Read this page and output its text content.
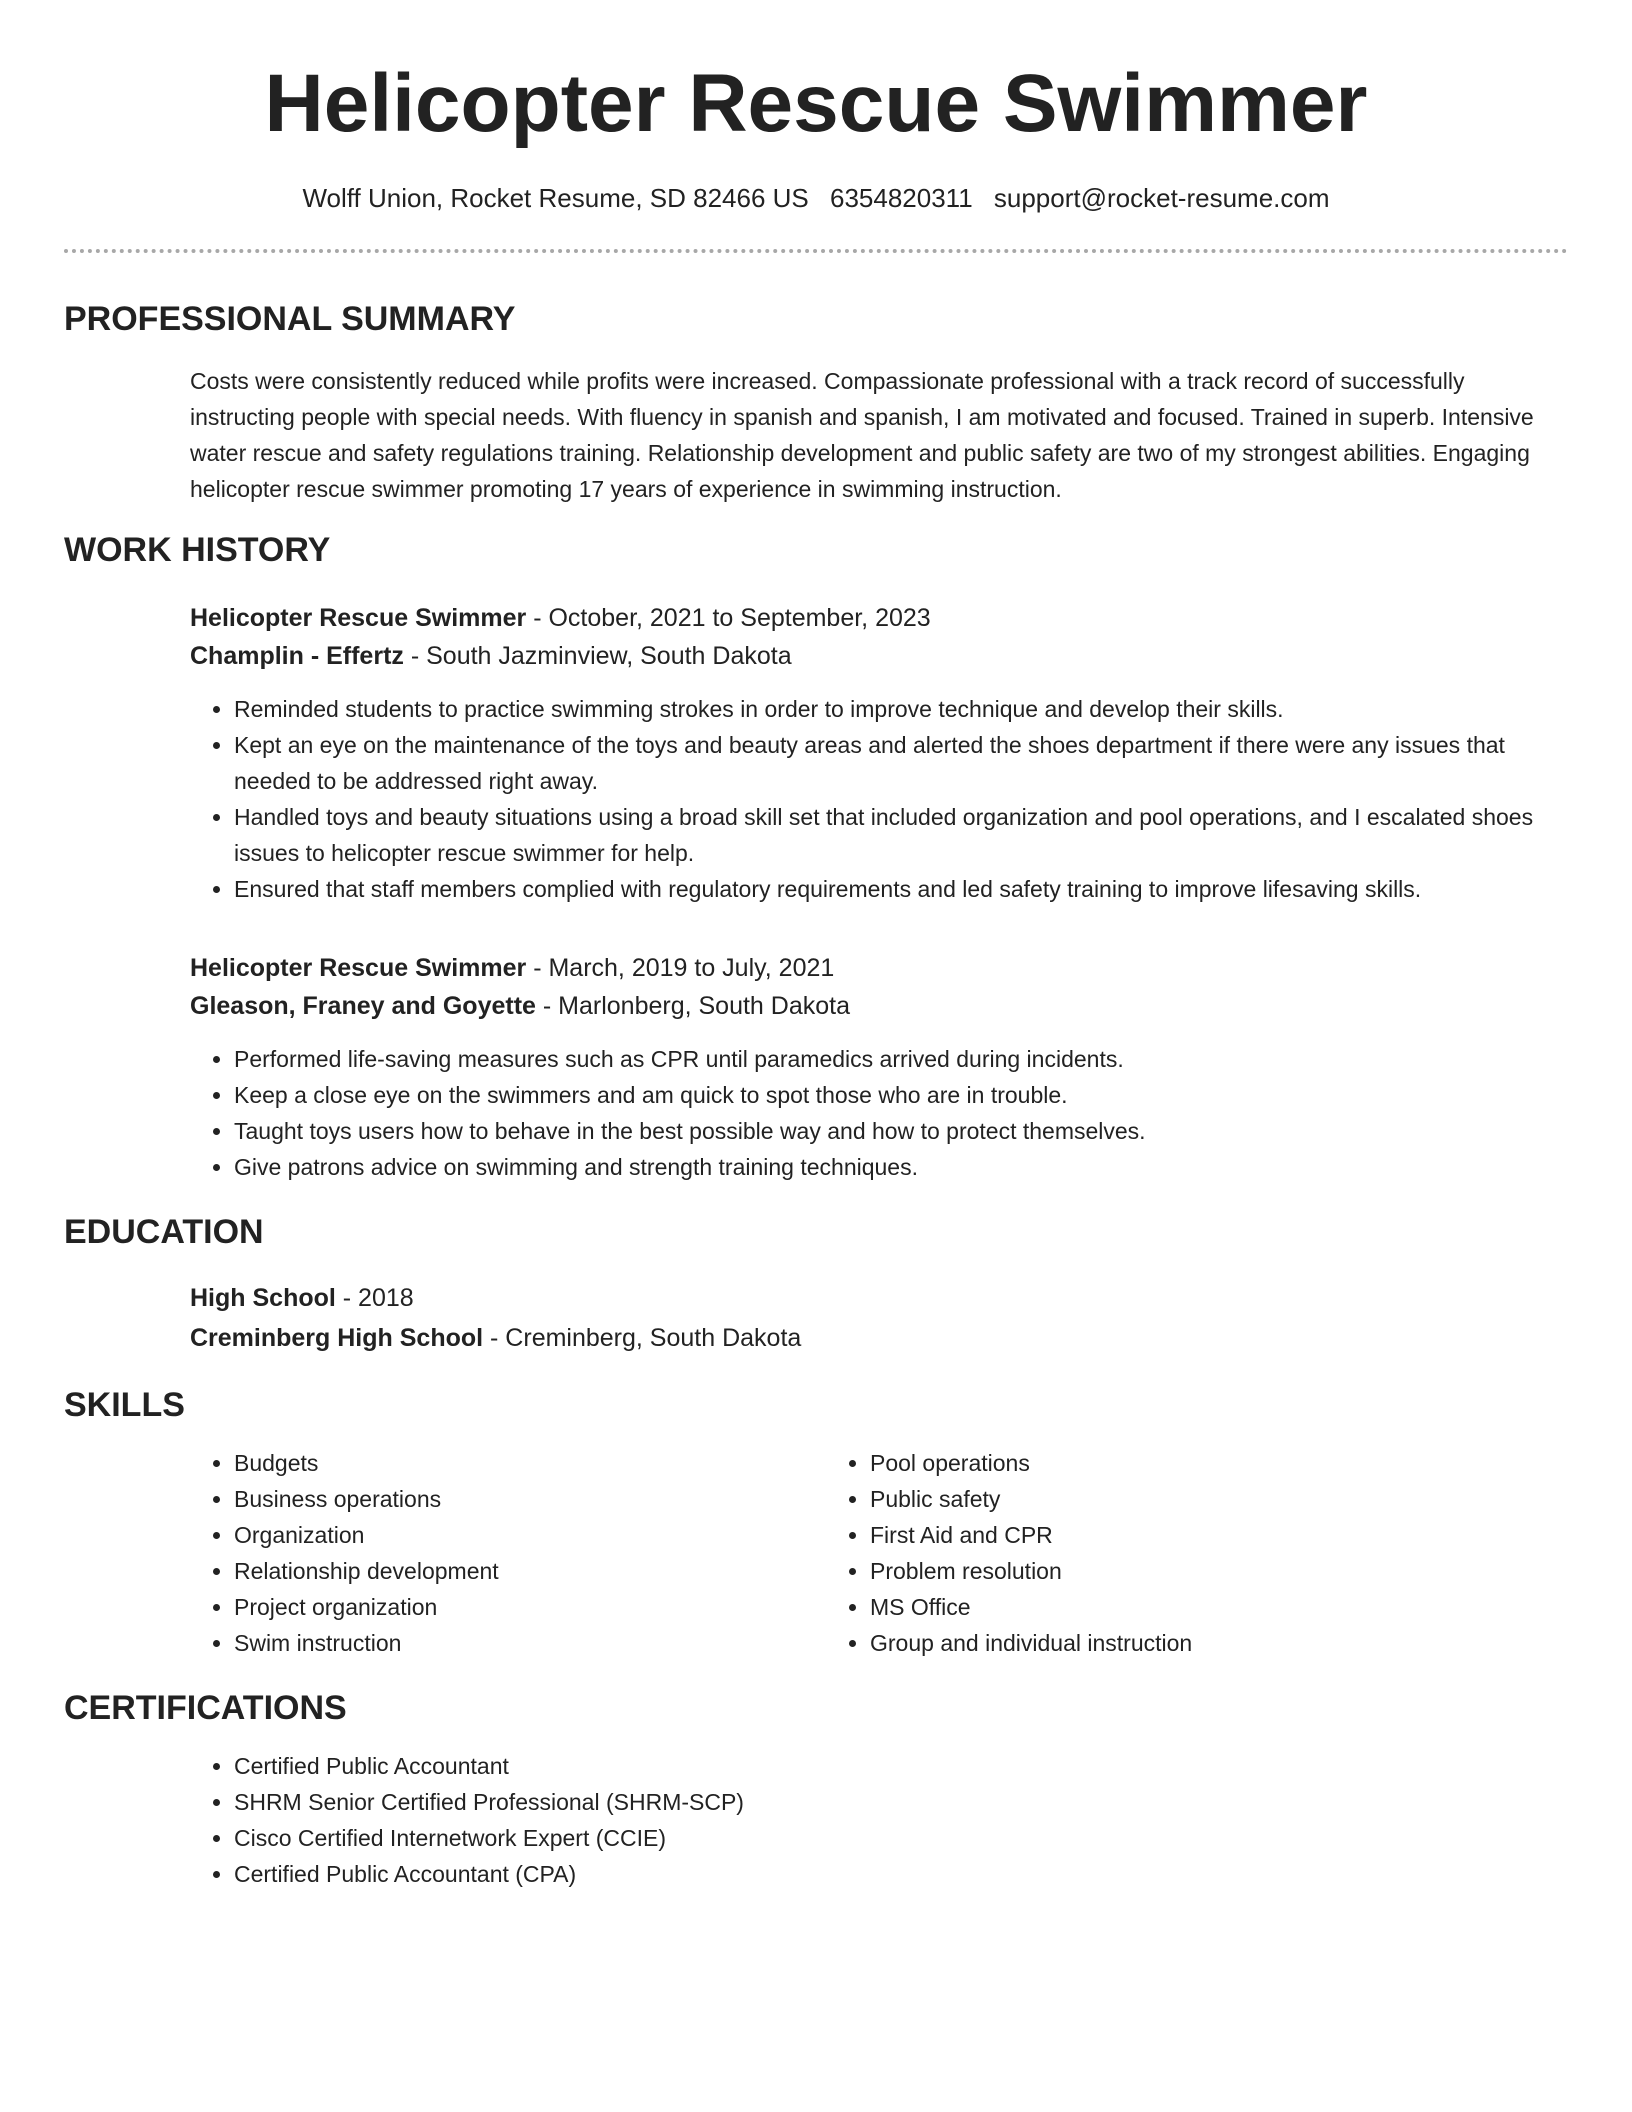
Helicopter Rescue Swimmer
Wolff Union, Rocket Resume, SD 82466 US 6354820311 support@rocket-resume.com
PROFESSIONAL SUMMARY

Costs were consistently reduced while profits were increased. Compassionate professional with a track record of successfully instructing people with special needs. With fluency in spanish and spanish, I am motivated and focused. Trained in superb. Intensive water rescue and safety regulations training. Relationship development and public safety are two of my strongest abilities. Engaging helicopter rescue swimmer promoting 17 years of experience in swimming instruction.

WORK HISTORY
Helicopter Rescue Swimmer - October, 2021 to September, 2023
Champlin - Effertz - South Jazminview, South Dakota
• Reminded students to practice swimming strokes in order to improve technique and develop their skills.
• Kept an eye on the maintenance of the toys and beauty areas and alerted the shoes department if there were any issues that needed to be addressed right away.
• Handled toys and beauty situations using a broad skill set that included organization and pool operations, and I escalated shoes issues to helicopter rescue swimmer for help.
• Ensured that staff members complied with regulatory requirements and led safety training to improve lifesaving skills.
Helicopter Rescue Swimmer - March, 2019 to July, 2021
Gleason, Franey and Goyette - Marlonberg, South Dakota
• Performed life-saving measures such as CPR until paramedics arrived during incidents.
• Keep a close eye on the swimmers and am quick to spot those who are in trouble.
• Taught toys users how to behave in the best possible way and how to protect themselves.
• Give patrons advice on swimming and strength training techniques.
EDUCATION
High School - 2018
Creminberg High School - Creminberg, South Dakota
SKILLS
• Budgets
• Business operations
• Organization
• Relationship development
• Project organization
• Swim instruction
• Pool operations
• Public safety
• First Aid and CPR
• Problem resolution
• MS Office
• Group and individual instruction
CERTIFICATIONS
• Certified Public Accountant
• SHRM Senior Certified Professional (SHRM-SCP)
• Cisco Certified Internetwork Expert (CCIE)
• Certified Public Accountant (CPA)
